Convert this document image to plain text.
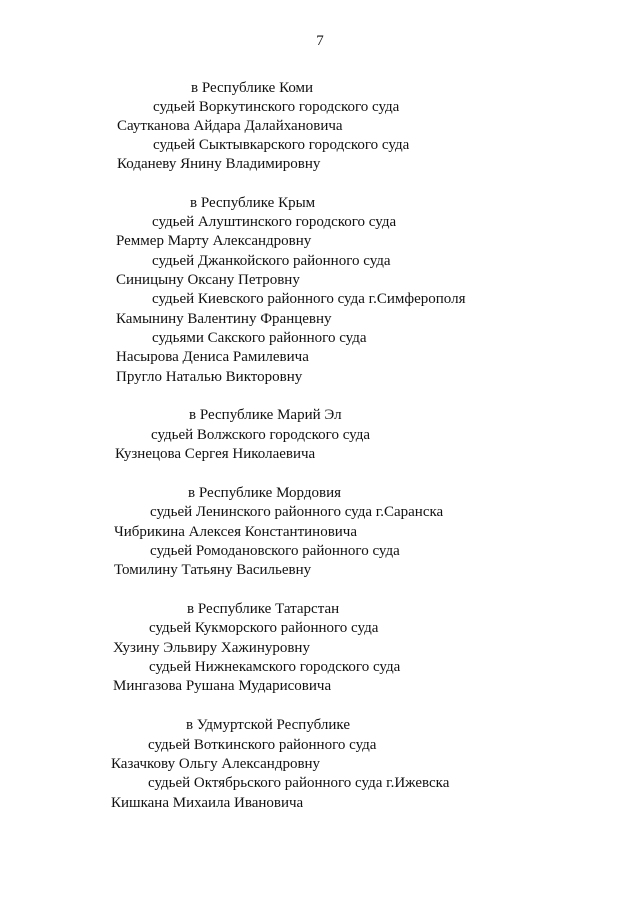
7
в Республике Коми
судьей Воркутинского городского суда
Саутканова Айдара Далайхановича
судьей Сыктывкарского городского суда
Коданеву Янину Владимировну
в Республике Крым
судьей Алуштинского городского суда
Реммер Марту Александровну
судьей Джанкойского районного суда
Синицыну Оксану Петровну
судьей Киевского районного суда г.Симферополя
Камынину Валентину Францевну
судьями Сакского районного суда
Насырова Дениса Рамилевича
Пругло Наталью Викторовну
в Республике Марий Эл
судьей Волжского городского суда
Кузнецова Сергея Николаевича
в Республике Мордовия
судьей Ленинского районного суда г.Саранска
Чибрикина Алексея Константиновича
судьей Ромодановского районного суда
Томилину Татьяну Васильевну
в Республике Татарстан
судьей Кукморского районного суда
Хузину Эльвиру Хажинуровну
судьей Нижнекамского городского суда
Мингазова Рушана Мударисовича
в Удмуртской Республике
судьей Воткинского районного суда
Казачкову Ольгу Александровну
судьей Октябрьского районного суда г.Ижевска
Кишкана Михаила Ивановича
